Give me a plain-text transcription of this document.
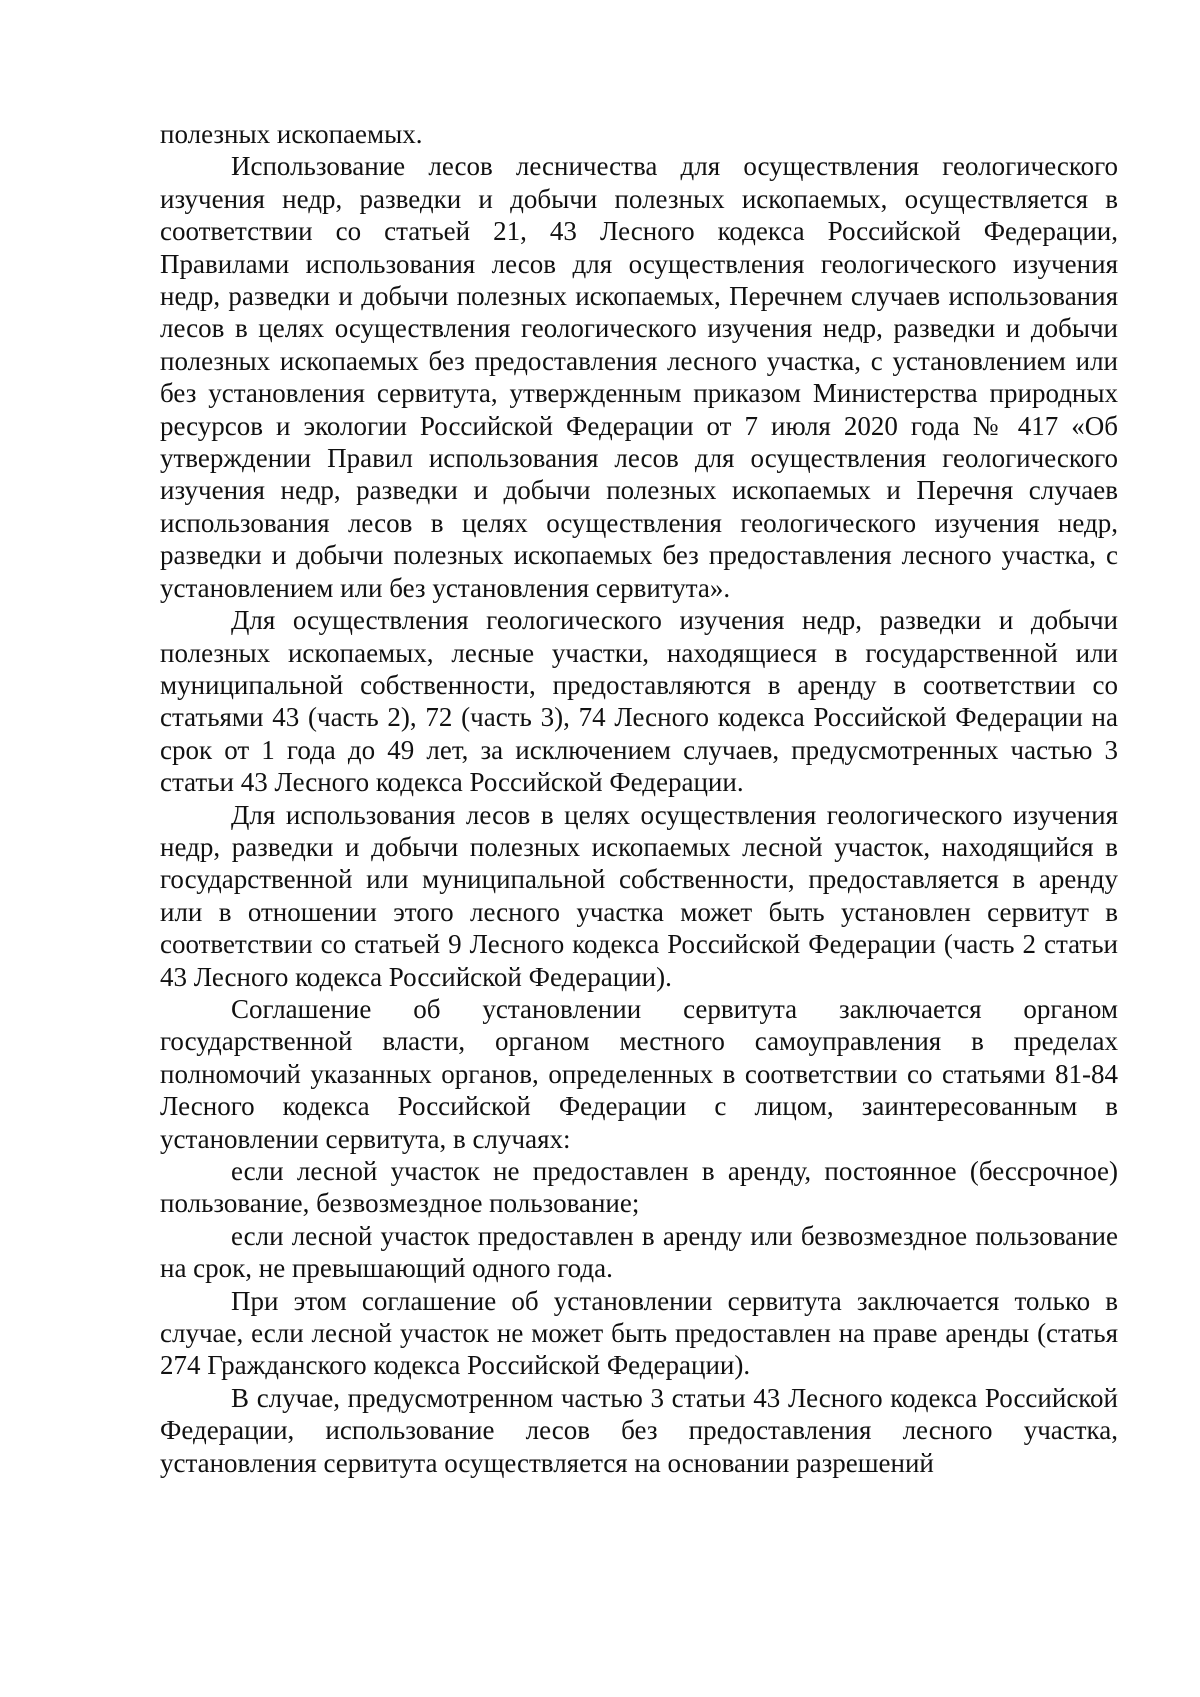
полезных ископаемых.

Использование лесов лесничества для осуществления геологического изучения недр, разведки и добычи полезных ископаемых, осуществляется в соответствии со статьей 21, 43 Лесного кодекса Российской Федерации, Правилами использования лесов для осуществления геологического изучения недр, разведки и добычи полезных ископаемых, Перечнем случаев использования лесов в целях осуществления геологического изучения недр, разведки и добычи полезных ископаемых без предоставления лесного участка, с установлением или без установления сервитута, утвержденным приказом Министерства природных ресурсов и экологии Российской Федерации от 7 июля 2020 года № 417 «Об утверждении Правил использования лесов для осуществления геологического изучения недр, разведки и добычи полезных ископаемых и Перечня случаев использования лесов в целях осуществления геологического изучения недр, разведки и добычи полезных ископаемых без предоставления лесного участка, с установлением или без установления сервитута».

Для осуществления геологического изучения недр, разведки и добычи полезных ископаемых, лесные участки, находящиеся в государственной или муниципальной собственности, предоставляются в аренду в соответствии со статьями 43 (часть 2), 72 (часть 3), 74 Лесного кодекса Российской Федерации на срок от 1 года до 49 лет, за исключением случаев, предусмотренных частью 3 статьи 43 Лесного кодекса Российской Федерации.

Для использования лесов в целях осуществления геологического изучения недр, разведки и добычи полезных ископаемых лесной участок, находящийся в государственной или муниципальной собственности, предоставляется в аренду или в отношении этого лесного участка может быть установлен сервитут в соответствии со статьей 9 Лесного кодекса Российской Федерации (часть 2 статьи 43 Лесного кодекса Российской Федерации).

Соглашение об установлении сервитута заключается органом государственной власти, органом местного самоуправления в пределах полномочий указанных органов, определенных в соответствии со статьями 81-84 Лесного кодекса Российской Федерации с лицом, заинтересованным в установлении сервитута, в случаях:

если лесной участок не предоставлен в аренду, постоянное (бессрочное) пользование, безвозмездное пользование;

если лесной участок предоставлен в аренду или безвозмездное пользование на срок, не превышающий одного года.

При этом соглашение об установлении сервитута заключается только в случае, если лесной участок не может быть предоставлен на праве аренды (статья 274 Гражданского кодекса Российской Федерации).

В случае, предусмотренном частью 3 статьи 43 Лесного кодекса Российской Федерации, использование лесов без предоставления лесного участка, установления сервитута осуществляется на основании разрешений
